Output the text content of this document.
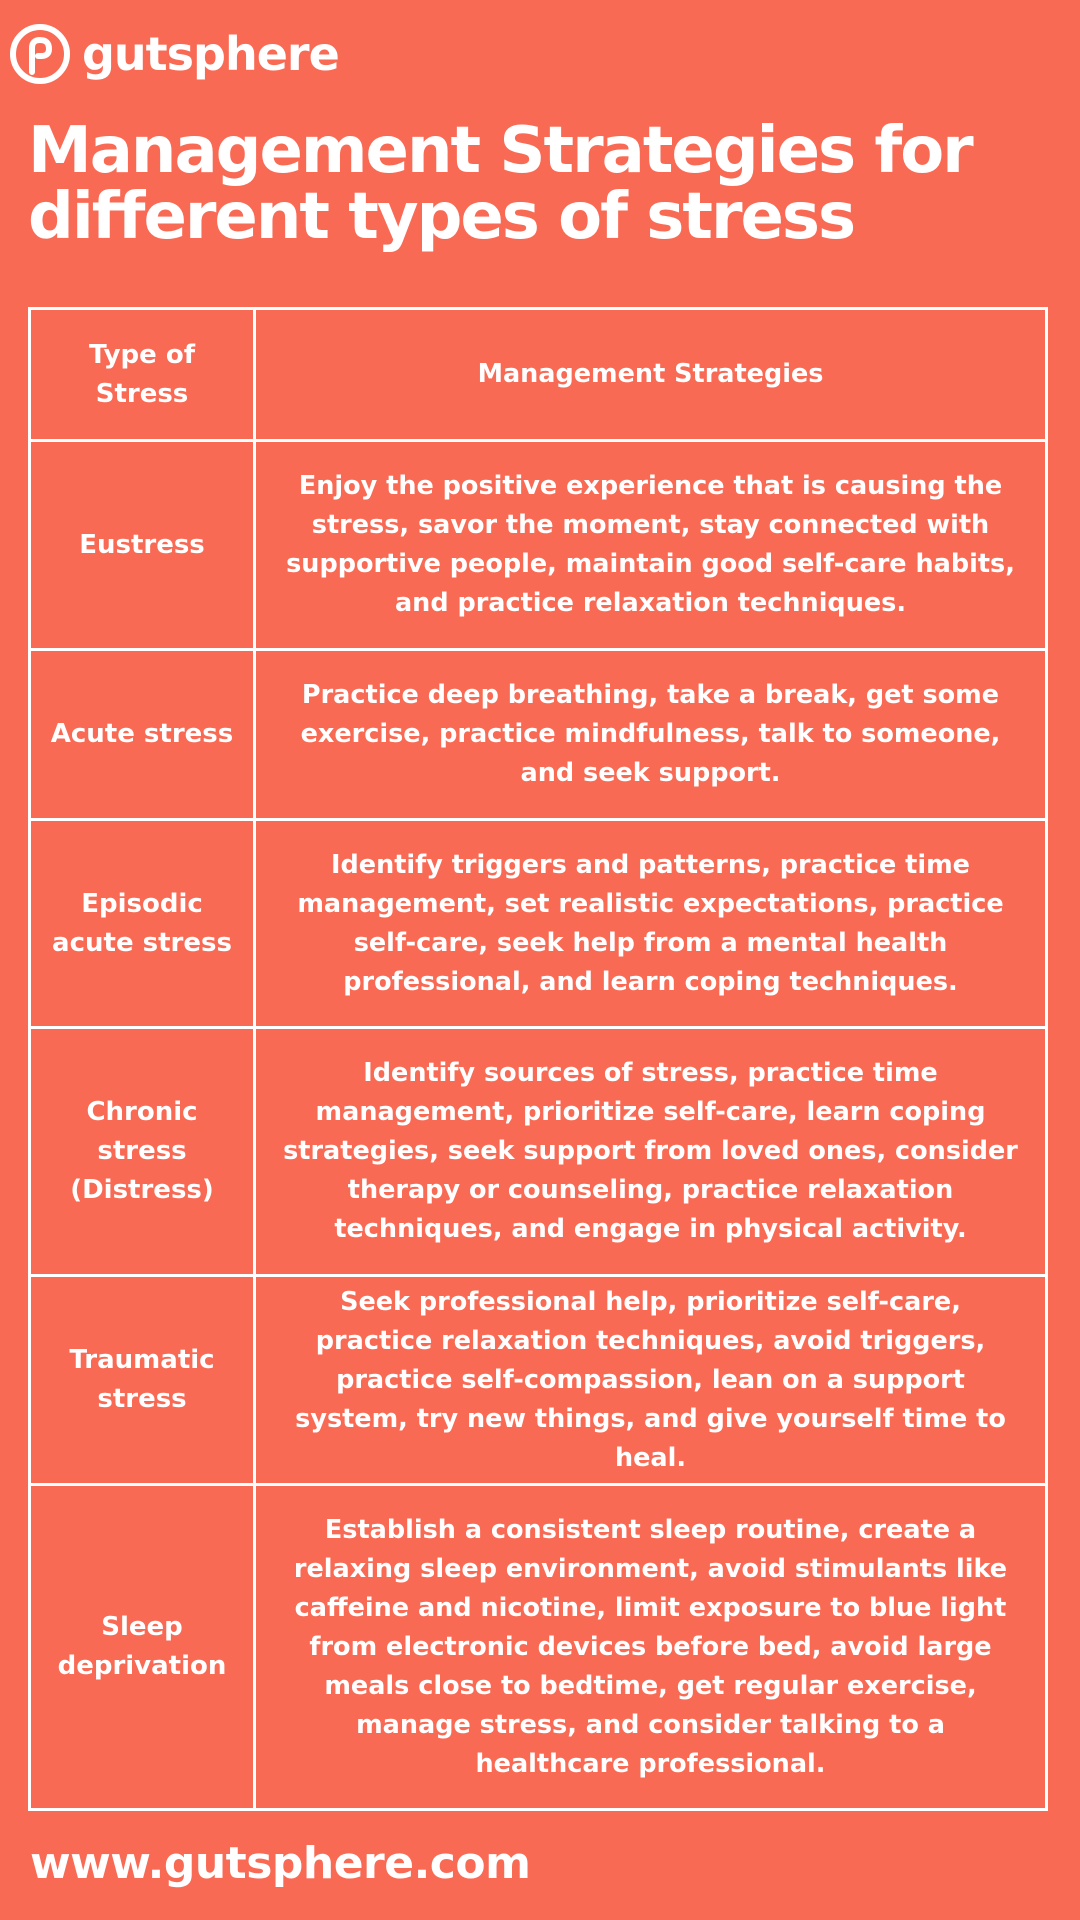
gutsphere
Management Strategies for different types of stress
Type of Stress
Management Strategies
Eustress
Enjoy the positive experience that is causing the stress, savor the moment, stay connected with supportive people, maintain good self-care habits, and practice relaxation techniques.
Acute stress
Practice deep breathing, take a break, get some exercise, practice mindfulness, talk to someone, and seek support.
Episodic acute stress
Identify triggers and patterns, practice time management, set realistic expectations, practice self-care, seek help from a mental health professional, and learn coping techniques.
Chronic stress (Distress)
Identify sources of stress, practice time management, prioritize self-care, learn coping strategies, seek support from loved ones, consider therapy or counseling, practice relaxation techniques, and engage in physical activity.
Traumatic stress
Seek professional help, prioritize self-care, practice relaxation techniques, avoid triggers, practice self-compassion, lean on a support system, try new things, and give yourself time to heal.
Sleep deprivation
Establish a consistent sleep routine, create a relaxing sleep environment, avoid stimulants like caffeine and nicotine, limit exposure to blue light from electronic devices before bed, avoid large meals close to bedtime, get regular exercise, manage stress, and consider talking to a healthcare professional.
www.gutsphere.com
